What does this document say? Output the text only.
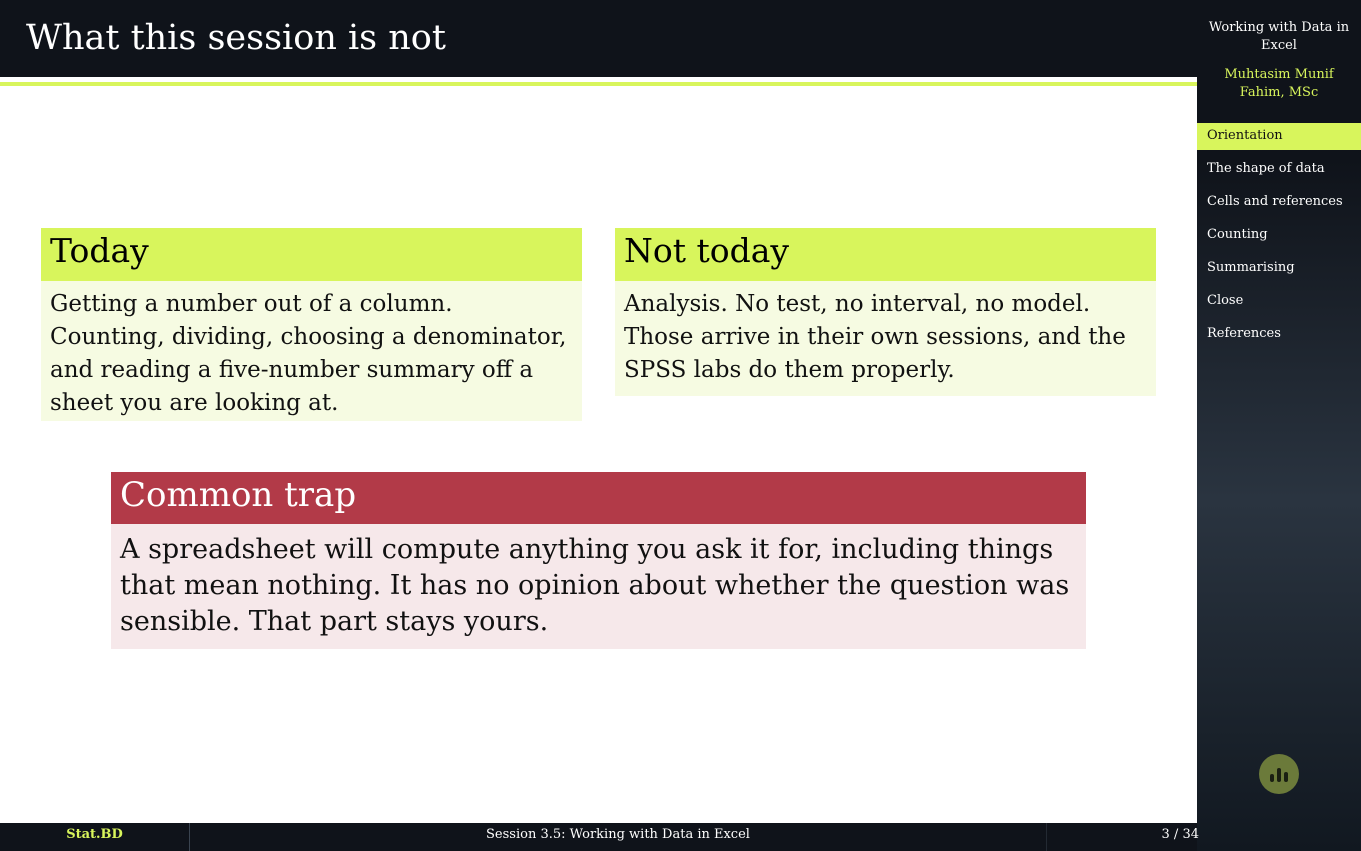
What this session is not
Today
Getting a number out of a column. Counting, dividing, choosing a denominator, and reading a five-number summary off a sheet you are looking at.
Not today
Analysis. No test, no interval, no model. Those arrive in their own sessions, and the SPSS labs do them properly.
Common trap
A spreadsheet will compute anything you ask it for, including things that mean nothing. It has no opinion about whether the question was sensible. That part stays yours.
Working with Data in Excel
Muhtasim Munif Fahim, MSc
Orientation
The shape of data
Cells and references
Counting
Summarising
Close
References
Stat.BD	Session 3.5: Working with Data in Excel	3 / 34
